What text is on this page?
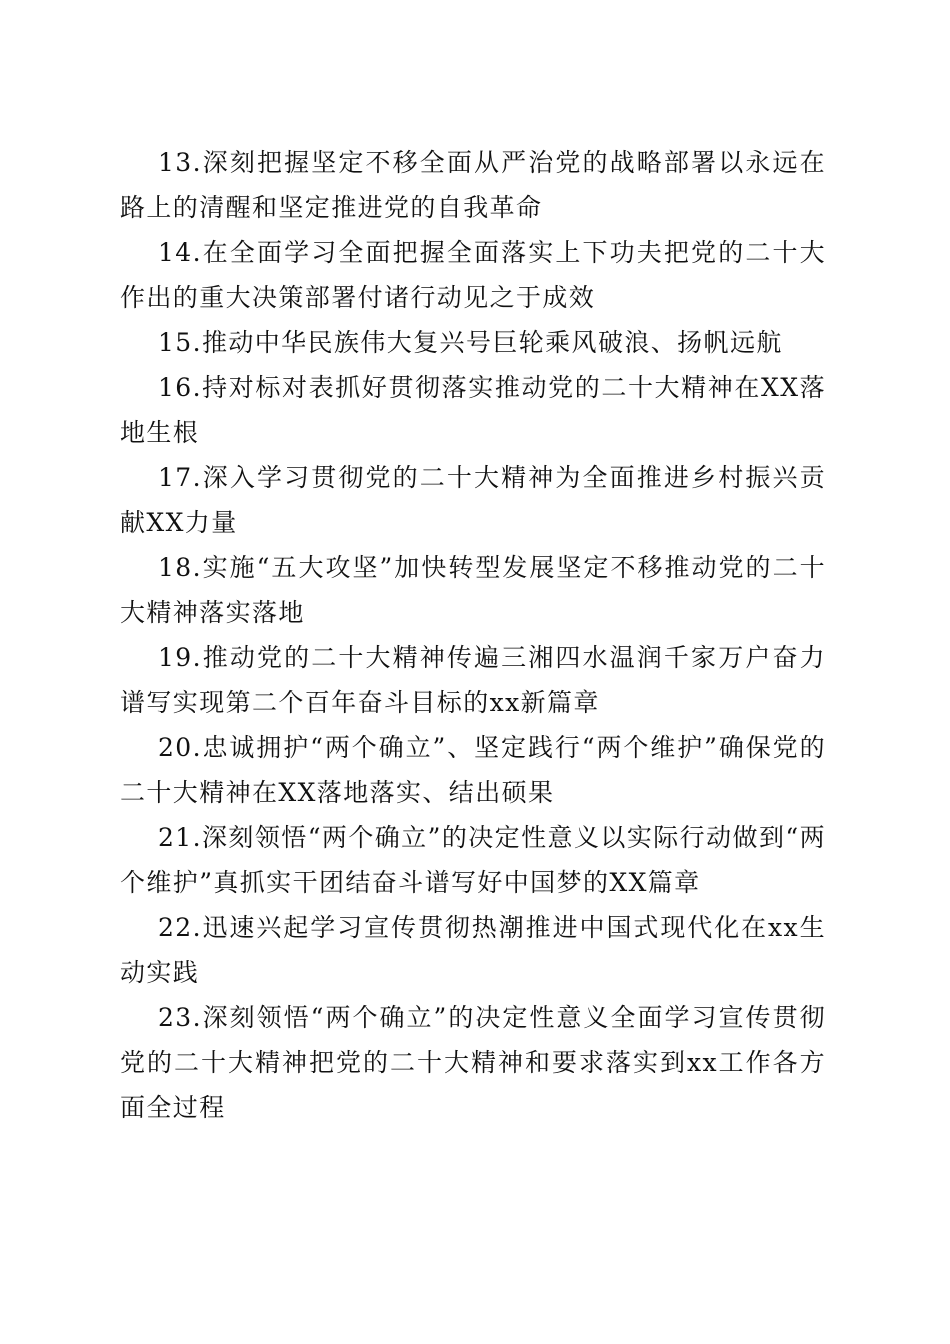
13.深刻把握坚定不移全面从严治党的战略部署以永远在路上的清醒和坚定推进党的自我革命

14.在全面学习全面把握全面落实上下功夫把党的二十大作出的重大决策部署付诸行动见之于成效

15.推动中华民族伟大复兴号巨轮乘风破浪、扬帆远航

16.持对标对表抓好贯彻落实推动党的二十大精神在XX落地生根

17.深入学习贯彻党的二十大精神为全面推进乡村振兴贡献XX力量

18.实施“五大攻坚”加快转型发展坚定不移推动党的二十大精神落实落地

19.推动党的二十大精神传遍三湘四水温润千家万户奋力谱写实现第二个百年奋斗目标的xx新篇章

20.忠诚拥护“两个确立”、坚定践行“两个维护”确保党的二十大精神在XX落地落实、结出硕果

21.深刻领悟“两个确立”的决定性意义以实际行动做到“两个维护”真抓实干团结奋斗谱写好中国梦的XX篇章

22.迅速兴起学习宣传贯彻热潮推进中国式现代化在xx生动实践

23.深刻领悟“两个确立”的决定性意义全面学习宣传贯彻党的二十大精神把党的二十大精神和要求落实到xx工作各方面全过程
